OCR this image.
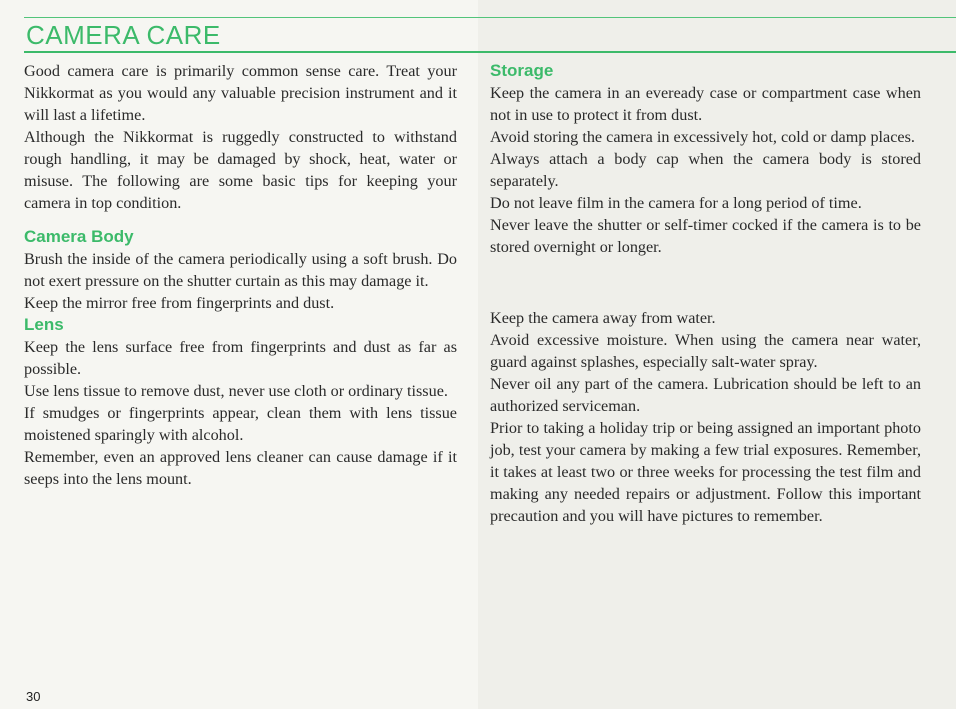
CAMERA CARE

Good camera care is primarily common sense care. Treat your Nikkormat as you would any valuable precision instrument and it will last a lifetime.

Although the Nikkormat is ruggedly constructed to withstand rough handling, it may be damaged by shock, heat, water or misuse. The following are some basic tips for keeping your camera in top condition.

Camera Body

Brush the inside of the camera periodically using a soft brush. Do not exert pressure on the shutter curtain as this may damage it.

Keep the mirror free from fingerprints and dust.

Lens

Keep the lens surface free from fingerprints and dust as far as possible.

Use lens tissue to remove dust, never use cloth or ordinary tissue.

If smudges or fingerprints appear, clean them with lens tissue moistened sparingly with alcohol.

Remember, even an approved lens cleaner can cause damage if it seeps into the lens mount.

Storage

Keep the camera in an eveready case or compartment case when not in use to protect it from dust.

Avoid storing the camera in excessively hot, cold or damp places.

Always attach a body cap when the camera body is stored separately.

Do not leave film in the camera for a long period of time.

Never leave the shutter or self-timer cocked if the camera is to be stored overnight or longer.

Keep the camera away from water.

Avoid excessive moisture. When using the camera near water, guard against splashes, especially salt-water spray.

Never oil any part of the camera. Lubrication should be left to an authorized serviceman.

Prior to taking a holiday trip or being assigned an important photo job, test your camera by making a few trial exposures. Remember, it takes at least two or three weeks for processing the test film and making any needed repairs or adjustment. Follow this important precaution and you will have pictures to remember.

30
